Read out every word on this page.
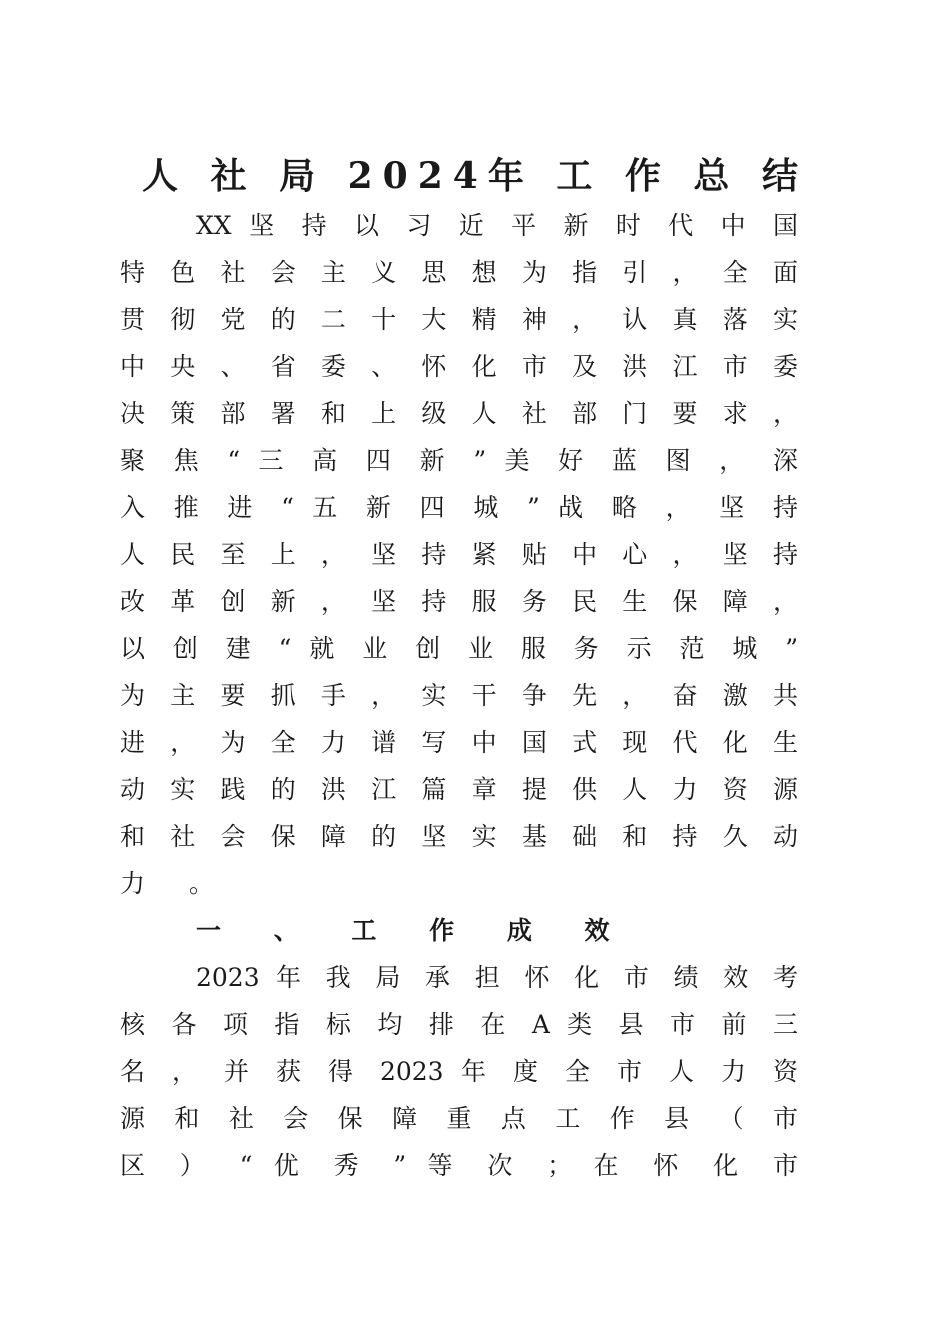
人 社 局 2024年 工 作 总 结
XX 坚 持 以 习 近 平 新 时 代 中 国
特 色 社 会 主 义 思 想 为 指 引 ， 全 面
贯 彻 党 的 二 十 大 精 神 ， 认 真 落 实
中 央 、 省 委 、 怀 化 市 及 洪 江 市 委
决 策 部 署 和 上 级 人 社 部 门 要 求 ，
聚 焦 “ 三 高 四 新 ” 美 好 蓝 图 ， 深
入 推 进 “ 五 新 四 城 ” 战 略 ， 坚 持
人 民 至 上 ， 坚 持 紧 贴 中 心 ， 坚 持
改 革 创 新 ， 坚 持 服 务 民 生 保 障 ，
以 创 建 “ 就 业 创 业 服 务 示 范 城 ”
为 主 要 抓 手 ， 实 干 争 先 ， 奋 激 共
进 ， 为 全 力 谱 写 中 国 式 现 代 化 生
动 实 践 的 洪 江 篇 章 提 供 人 力 资 源
和 社 会 保 障 的 坚 实 基 础 和 持 久 动
力 。
一 、 工 作 成 效
2023 年 我 局 承 担 怀 化 市 绩 效 考
核 各 项 指 标 均 排 在 A 类 县 市 前 三
名 ， 并 获 得 2023 年 度 全 市 人 力 资
源 和 社 会 保 障 重 点 工 作 县 （ 市
区 ） “ 优 秀 ” 等 次 ； 在 怀 化 市
